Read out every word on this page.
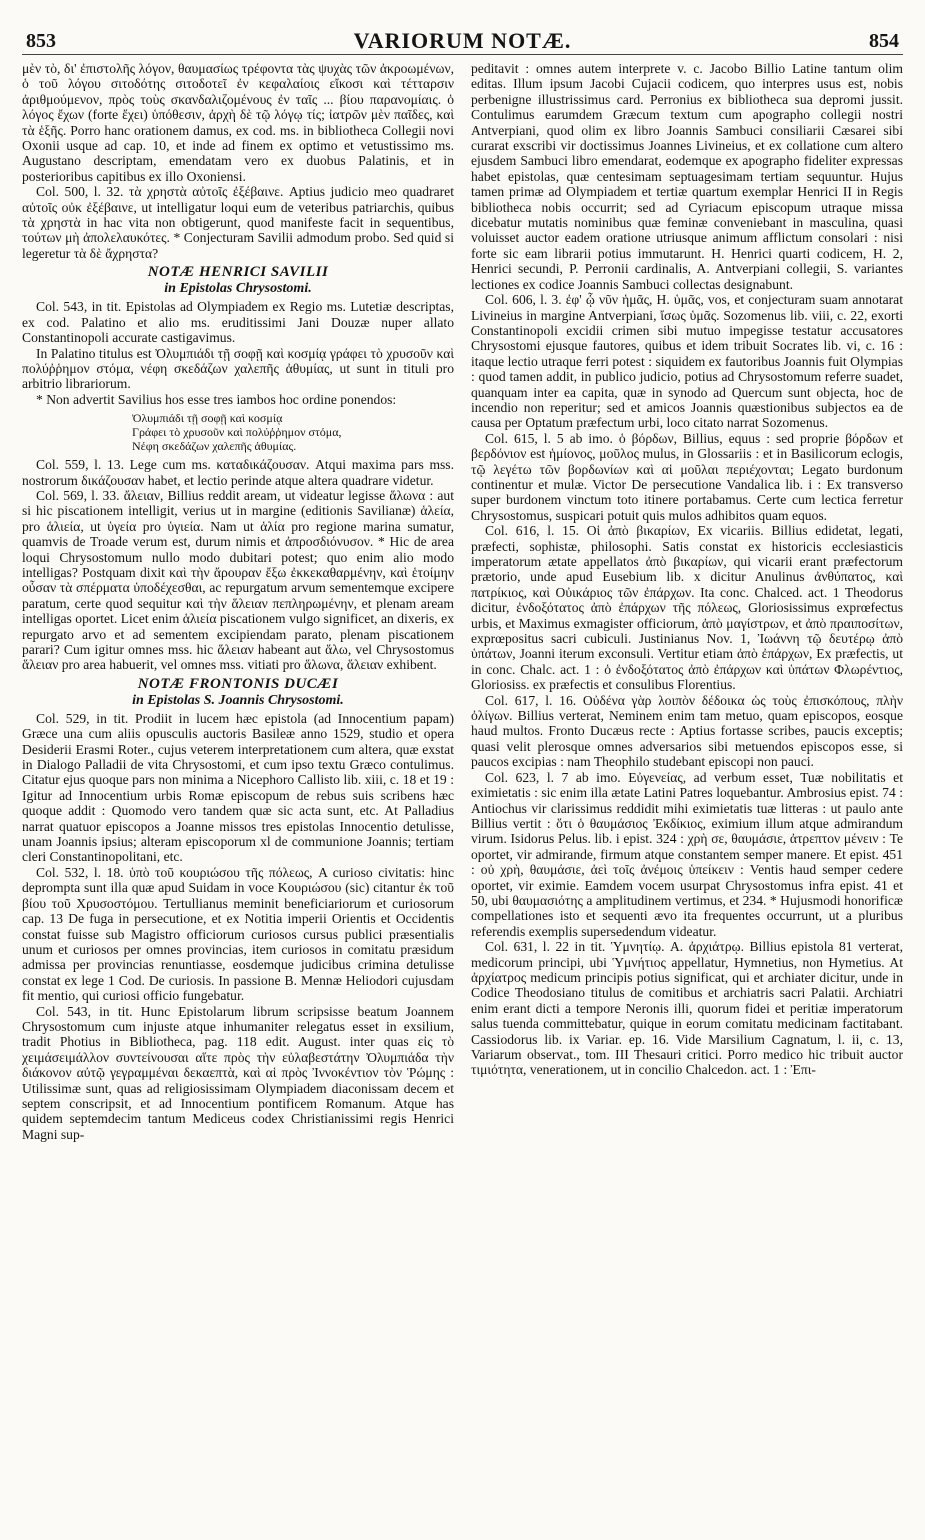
853	VARIORUM NOTÆ.	854

μὲν τὸ, δι' ἐπιστολῆς λόγον, θαυμασίως τρέφοντα τὰς ψυχὰς τῶν ἀκροωμένων, ὁ τοῦ λόγου σιτοδότης σιτοδοτεῖ ἐν κεφαλαίοις εἴκοσι καὶ τέτταρσιν ἀριθμούμενον, πρὸς τοὺς σκανδαλιζομένους ἐν ταῖς ... βίου παρανομίαις. ὁ λόγος ἔχων (forte ἔχει) ὑπόθεσιν, ἀρχὴ δὲ τῷ λόγῳ τίς; ἰατρῶν μὲν παῖδες, καὶ τὰ ἑξῆς. Porro hanc orationem damus, ex cod. ms. in bibliotheca Collegii novi Oxonii usque ad cap. 10, et inde ad finem ex optimo et vetustissimo ms. Augustano descriptam, emendatam vero ex duobus Palatinis, et in posterioribus capitibus ex illo Oxoniensi.

Col. 500, l. 32. τὰ χρηστὰ αὐτοῖς ἐξέβαινε. Aptius judicio meo quadraret αὐτοῖς οὐκ ἐξέβαινε, ut intelligatur loqui eum de veteribus patriarchis, quibus τὰ χρηστὰ in hac vita non obtigerunt, quod manifeste facit in sequentibus, τούτων μὴ ἀπολελαυκότες. * Conjecturam Savilii admodum probo. Sed quid si legeretur τὰ δὲ ἄχρηστα?

NOTÆ HENRICI SAVILII
in Epistolas Chrysostomi.

Col. 543, in tit. Epistolas ad Olympiadem ex Regio ms. Lutetiæ descriptas, ex cod. Palatino et alio ms. eruditissimi Jani Douzæ nuper allato Constantinopoli accurate castigavimus.

In Palatino titulus est Ὀλυμπιάδι τῇ σοφῇ καὶ κοσμίᾳ γράφει τὸ χρυσοῦν καὶ πολύῤῥημον στόμα, νέφη σκεδάζων χαλεπῆς ἀθυμίας, ut sunt in tituli pro arbitrio librariorum.

* Non advertit Savilius hos esse tres iambos hoc ordine ponendos:

Ὀλυμπιάδι τῇ σοφῇ καὶ κοσμίᾳ
Γράφει τὸ χρυσοῦν καὶ πολύῤῥημον στόμα,
Νέφη σκεδάζων χαλεπῆς ἀθυμίας.

Col. 559, l. 13. Lege cum ms. καταδικάζουσαν. Atqui maxima pars mss. nostrorum δικάζουσαν habet, et lectio perinde atque altera quadrare videtur.

Col. 569, l. 33. ἄλειαν, Billius reddit aream, ut videatur legisse ἅλωνα : aut si hic piscationem intelligit, verius ut in margine (editionis Savilianæ) ἁλεία, pro ἁλιεία, ut ὑγεία pro ὑγιεία. Nam ut ἁλία pro regione marina sumatur, quamvis de Troade verum est, durum nimis et ἀπροσδιόνυσον. * Hic de area loqui Chrysostomum nullo modo dubitari potest; quo enim alio modo intelligas? Postquam dixit καὶ τὴν ἄρουραν ἔξω ἐκκεκαθαρμένην, καὶ ἑτοίμην οὖσαν τὰ σπέρματα ὑποδέχεσθαι, ac repurgatum arvum sementemque excipere paratum, certe quod sequitur καὶ τὴν ἅλειαν πεπληρωμένην, et plenam aream intelligas oportet. Licet enim ἁλιεία piscationem vulgo significet, an dixeris, ex repurgato arvo et ad sementem excipiendam parato, plenam piscationem parari? Cum igitur omnes mss. hic ἅλειαν habeant aut ἅλω, vel Chrysostomus ἅλειαν pro area habuerit, vel omnes mss. vitiati pro ἅλωνα, ἅλειαν exhibent.

NOTÆ FRONTONIS DUCÆI
in Epistolas S. Joannis Chrysostomi.

Col. 529, in tit. Prodiit in lucem hæc epistola (ad Innocentium papam) Græce una cum aliis opusculis auctoris Basileæ anno 1529, studio et opera Desiderii Erasmi Roter., cujus veterem interpretationem cum altera, quæ exstat in Dialogo Palladii de vita Chrysostomi, et cum ipso textu Græco contulimus. Citatur ejus quoque pars non minima a Nicephoro Callisto lib. xiii, c. 18 et 19 : Igitur ad Innocentium urbis Romæ episcopum de rebus suis scribens hæc quoque addit : Quomodo vero tandem quæ sic acta sunt, etc. At Palladius narrat quatuor episcopos a Joanne missos tres epistolas Innocentio detulisse, unam Joannis ipsius; alteram episcoporum xl de communione Joannis; tertiam cleri Constantinopolitani, etc.

Col. 532, l. 18. ὑπὸ τοῦ κουριώσου τῆς πόλεως, A curioso civitatis: hinc deprompta sunt illa quæ apud Suidam in voce Κουριώσου (sic) citantur ἐκ τοῦ βίου τοῦ Χρυσοστόμου. Tertullianus meminit beneficiariorum et curiosorum cap. 13 De fuga in persecutione, et ex Notitia imperii Orientis et Occidentis constat fuisse sub Magistro officiorum curiosos cursus publici præsentialis unum et curiosos per omnes provincias, item curiosos in comitatu præsidum admissa per provincias renuntiasse, eosdemque judicibus crimina detulisse constat ex lege 1 Cod. De curiosis. In passione B. Mennæ Heliodori cujusdam fit mentio, qui curiosi officio fungebatur.

Col. 543, in tit. Hunc Epistolarum librum scripsisse beatum Joannem Chrysostomum cum injuste atque inhumaniter relegatus esset in exsilium, tradit Photius in Bibliotheca, pag. 118 edit. August. inter quas εἰς τὸ χειμάσειμάλλον συντείνουσαι αἵτε πρὸς τὴν εὐλαβεστάτην Ὀλυμπιάδα τὴν διάκονον αὐτῷ γεγραμμέναι δεκαεπτὰ, καὶ αἱ πρὸς Ἰννοκέντιον τὸν Ῥώμης : Utilissimæ sunt, quas ad religiosissimam Olympiadem diaconissam decem et septem conscripsit, et ad Innocentium pontificem Romanum. Atque has quidem septemdecim tantum Mediceus codex Christianissimi regis Henrici Magni sup-

peditavit : omnes autem interprete v. c. Jacobo Billio Latine tantum olim editas. Illum ipsum Jacobi Cujacii codicem, quo interpres usus est, nobis perbenigne illustrissimus card. Perronius ex bibliotheca sua depromi jussit. Contulimus earumdem Græcum textum cum apographo collegii nostri Antverpiani, quod olim ex libro Joannis Sambuci consiliarii Cæsarei sibi curarat exscribi vir doctissimus Joannes Livineius, et ex collatione cum altero ejusdem Sambuci libro emendarat, eodemque ex apographo fideliter expressas habet epistolas, quæ centesimam septuagesimam tertiam sequuntur. Hujus tamen primæ ad Olympiadem et tertiæ quartum exemplar Henrici II in Regis bibliotheca nobis occurrit; sed ad Cyriacum episcopum utraque missa dicebatur mutatis nominibus quæ feminæ conveniebant in masculina, quasi voluisset auctor eadem oratione utriusque animum afflictum consolari : nisi forte sic eam librarii potius immutarunt. H. Henrici quarti codicem, H. 2, Henrici secundi, P. Perronii cardinalis, A. Antverpiani collegii, S. variantes lectiones ex codice Joannis Sambuci collectas designabunt.

Col. 606, l. 3. ἐφ' ᾧ νῦν ἡμᾶς, H. ὑμᾶς, vos, et conjecturam suam annotarat Livineius in margine Antverpiani, ἴσως ὑμᾶς. Sozomenus lib. viii, c. 22, exorti Constantinopoli excidii crimen sibi mutuo impegisse testatur accusatores Chrysostomi ejusque fautores, quibus et idem tribuit Socrates lib. vi, c. 16 : itaque lectio utraque ferri potest : siquidem ex fautoribus Joannis fuit Olympias : quod tamen addit, in publico judicio, potius ad Chrysostomum referre suadet, quanquam inter ea capita, quæ in synodo ad Quercum sunt objecta, hoc de incendio non reperitur; sed et amicos Joannis quæstionibus subjectos ea de causa per Optatum præfectum urbi, loco citato narrat Sozomenus.

Col. 615, l. 5 ab imo. ὁ βόρδων, Billius, equus : sed proprie βόρδων et βερδόνιον est ἡμίονος, μοῦλος mulus, in Glossariis : et in Basilicorum eclogis, τῷ λεγέτω τῶν βορδωνίων καὶ αἱ μοῦλαι περιέχονται; Legato burdonum continentur et mulæ. Victor De persecutione Vandalica lib. i : Ex transverso super burdonem vinctum toto itinere portabamus. Certe cum lectica ferretur Chrysostomus, suspicari potuit quis mulos adhibitos quam equos.

Col. 616, l. 15. Οἱ ἀπὸ βικαρίων, Ex vicariis. Billius edidetat, legati, præfecti, sophistæ, philosophi. Satis constat ex historicis ecclesiasticis imperatorum ætate appellatos ἀπὸ βικαρίων, qui vicarii erant præfectorum prætorio, unde apud Eusebium lib. x dicitur Anulinus ἀνθύπατος, καὶ πατρίκιος, καὶ Οὐικάριος τῶν ἐπάρχων. Ita conc. Chalced. act. 1 Theodorus dicitur, ἐνδοξότατος ἀπὸ ἐπάρχων τῆς πόλεως, Gloriosissimus exprœfectus urbis, et Maximus exmagister officiorum, ἀπὸ μαγίστρων, et ἀπὸ πραιποσίτων, exprœpositus sacri cubiculi. Justinianus Nov. 1, Ἰωάννη τῷ δευτέρῳ ἀπὸ ὑπάτων, Joanni iterum exconsuli. Vertitur etiam ἀπὸ ἐπάρχων, Ex præfectis, ut in conc. Chalc. act. 1 : ὁ ἐνδοξότατος ἀπὸ ἐπάρχων καὶ ὑπάτων Φλωρέντιος, Gloriosiss. ex præfectis et consulibus Florentius.

Col. 617, l. 16. Οὐδένα γὰρ λοιπὸν δέδοικα ὡς τοὺς ἐπισκόπους, πλὴν ὀλίγων. Billius verterat, Neminem enim tam metuo, quam episcopos, eosque haud multos. Fronto Ducæus recte : Aptius fortasse scribes, paucis exceptis; quasi velit plerosque omnes adversarios sibi metuendos episcopos esse, si paucos excipias : nam Theophilo studebant episcopi non pauci.

Col. 623, l. 7 ab imo. Εὐγενείας, ad verbum esset, Tuæ nobilitatis et eximietatis : sic enim illa ætate Latini Patres loquebantur. Ambrosius epist. 74 : Antiochus vir clarissimus reddidit mihi eximietatis tuæ litteras : ut paulo ante Billius vertit : ὅτι ὁ θαυμάσιος Ἐκδίκιος, eximium illum atque admirandum virum. Isidorus Pelus. lib. i epist. 324 : χρὴ σε, θαυμάσιε, ἀτρεπτον μένειν : Te oportet, vir admirande, firmum atque constantem semper manere. Et epist. 451 : οὐ χρὴ, θαυμάσιε, ἀεὶ τοῖς ἀνέμοις ὑπείκειν : Ventis haud semper cedere oportet, vir eximie. Eamdem vocem usurpat Chrysostomus infra epist. 41 et 50, ubi θαυμασιότης a amplitudinem vertimus, et 234. * Hujusmodi honorificæ compellationes isto et sequenti ævo ita frequentes occurrunt, ut a pluribus referendis exemplis supersedendum videatur.

Col. 631, l. 22 in tit. Ὑμνητίῳ. A. ἀρχιάτρῳ. Billius epistola 81 verterat, medicorum principi, ubi Ὑμνήτιος appellatur, Hymnetius, non Hymetius. At ἀρχίατρος medicum principis potius significat, qui et archiater dicitur, unde in Codice Theodosiano titulus de comitibus et archiatris sacri Palatii. Archiatri enim erant dicti a tempore Neronis illi, quorum fidei et peritiæ imperatorum salus tuenda committebatur, quique in eorum comitatu medicinam factitabant. Cassiodorus lib. ix Variar. ep. 16. Vide Marsilium Cagnatum, l. ii, c. 13, Variarum observat., tom. III Thesauri critici. Porro medico hic tribuit auctor τιμιότητα, venerationem, ut in concilio Chalcedon. act. 1 : Ἐπι-
